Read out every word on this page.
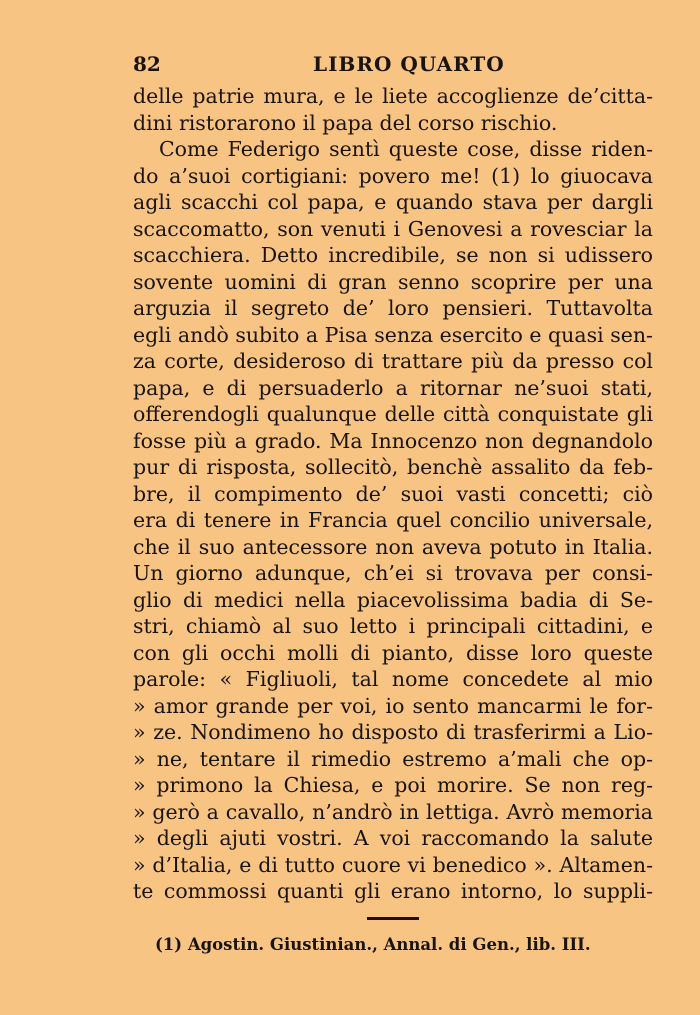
82	LIBRO QUARTO
delle patrie mura, e le liete accoglienze de’citta-
dini ristorarono il papa del corso rischio.
Come Federigo sentì queste cose, disse riden-
do a’suoi cortigiani: povero me! (1) lo giuocava
agli scacchi col papa, e quando stava per dargli
scaccomatto, son venuti i Genovesi a rovesciar la
scacchiera. Detto incredibile, se non si udissero
sovente uomini di gran senno scoprire per una
arguzia il segreto de’ loro pensieri. Tuttavolta
egli andò subito a Pisa senza esercito e quasi sen-
za corte, desideroso di trattare più da presso col
papa, e di persuaderlo a ritornar ne’suoi stati,
offerendogli qualunque delle città conquistate gli
fosse più a grado. Ma Innocenzo non degnandolo
pur di risposta, sollecitò, benchè assalito da feb-
bre, il compimento de’ suoi vasti concetti; ciò
era di tenere in Francia quel concilio universale,
che il suo antecessore non aveva potuto in Italia.
Un giorno adunque, ch’ei si trovava per consi-
glio di medici nella piacevolissima badia di Se-
stri, chiamò al suo letto i principali cittadini, e
con gli occhi molli di pianto, disse loro queste
parole: « Figliuoli, tal nome concedete al mio
» amor grande per voi, io sento mancarmi le for-
» ze. Nondimeno ho disposto di trasferirmi a Lio-
» ne, tentare il rimedio estremo a’mali che op-
» primono la Chiesa, e poi morire. Se non reg-
» gerò a cavallo, n’andrò in lettiga. Avrò memoria
» degli ajuti vostri. A voi raccomando la salute
» d’Italia, e di tutto cuore vi benedico ». Altamen-
te commossi quanti gli erano intorno, lo suppli-
(1) Agostin. Giustinian., Annal. di Gen., lib. III.
